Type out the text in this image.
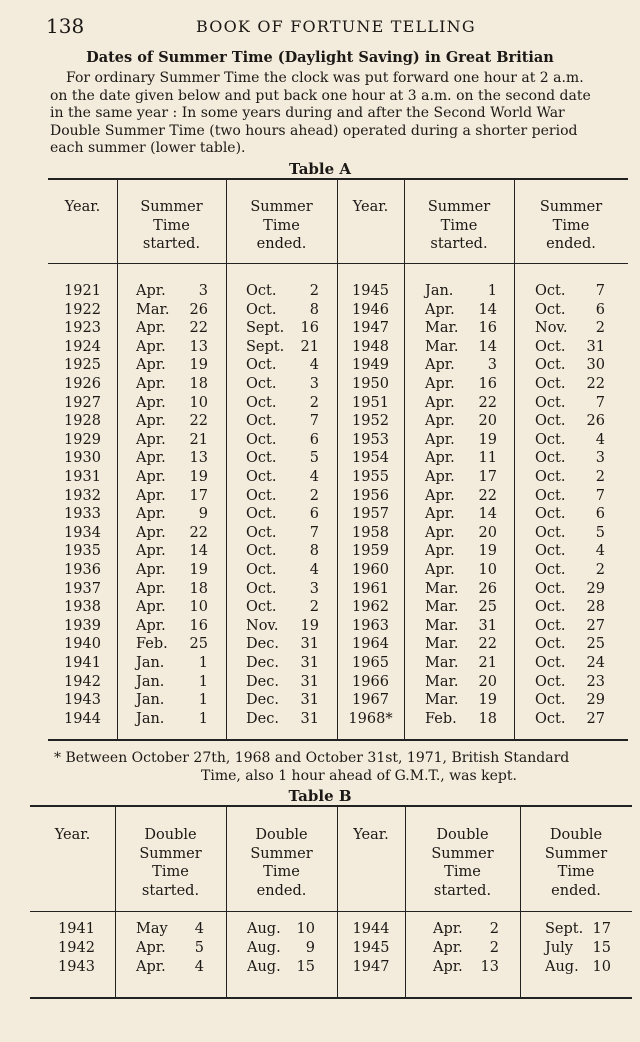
138	BOOK OF FORTUNE TELLING
Dates of Summer Time (Daylight Saving) in Great Britian

For ordinary Summer Time the clock was put forward one hour at 2 a.m.

on the date given below and put back one hour at 3 a.m. on the second date

in the same year : In some years during and after the Second World War

Double Summer Time (two hours ahead) operated during a shorter period

each summer (lower table).

Table A
Year.	Summer
Time
started.
Summer
Time
ended.
Year.	Summer
Time
started.
Summer
Time
ended.
1921	Apr.	3	Oct.	2	1945	Jan.	1	Oct.	7
1922	Mar.	26	Oct.	8	1946	Apr.	14	Oct.	6
1923	Apr.	22	Sept.	16	1947	Mar.	16	Nov.	2
1924	Apr.	13	Sept.	21	1948	Mar.	14	Oct.	31
1925	Apr.	19	Oct.	4	1949	Apr.	3	Oct.	30
1926	Apr.	18	Oct.	3	1950	Apr.	16	Oct.	22
1927	Apr.	10	Oct.	2	1951	Apr.	22	Oct.	7
1928	Apr.	22	Oct.	7	1952	Apr.	20	Oct.	26
1929	Apr.	21	Oct.	6	1953	Apr.	19	Oct.	4
1930	Apr.	13	Oct.	5	1954	Apr.	11	Oct.	3
1931	Apr.	19	Oct.	4	1955	Apr.	17	Oct.	2
1932	Apr.	17	Oct.	2	1956	Apr.	22	Oct.	7
1933	Apr.	9	Oct.	6	1957	Apr.	14	Oct.	6
1934	Apr.	22	Oct.	7	1958	Apr.	20	Oct.	5
1935	Apr.	14	Oct.	8	1959	Apr.	19	Oct.	4
1936	Apr.	19	Oct.	4	1960	Apr.	10	Oct.	2
1937	Apr.	18	Oct.	3	1961	Mar.	26	Oct.	29
1938	Apr.	10	Oct.	2	1962	Mar.	25	Oct.	28
1939	Apr.	16	Nov.	19	1963	Mar.	31	Oct.	27
1940	Feb.	25	Dec.	31	1964	Mar.	22	Oct.	25
1941	Jan.	1	Dec.	31	1965	Mar.	21	Oct.	24
1942	Jan.	1	Dec.	31	1966	Mar.	20	Oct.	23
1943	Jan.	1	Dec.	31	1967	Mar.	19	Oct.	29
1944	Jan.	1	Dec.	31	1968*	Feb.	18	Oct.	27
* Between October 27th, 1968 and October 31st, 1971, British Standard
Time, also 1 hour ahead of G.M.T., was kept.
Table B
Year.	Double
Summer
Time
started.
Double
Summer
Time
ended.
Year.	Double
Summer
Time
started.
Double
Summer
Time
ended.
1941	May	4	Aug.	10	1944	Apr.	2	Sept. 17
1942	Apr.	5	Aug.	9	1945	Apr.	2	July	15
1943	Apr.	4	Aug.	15	1947	Apr.	13	Aug. 10
